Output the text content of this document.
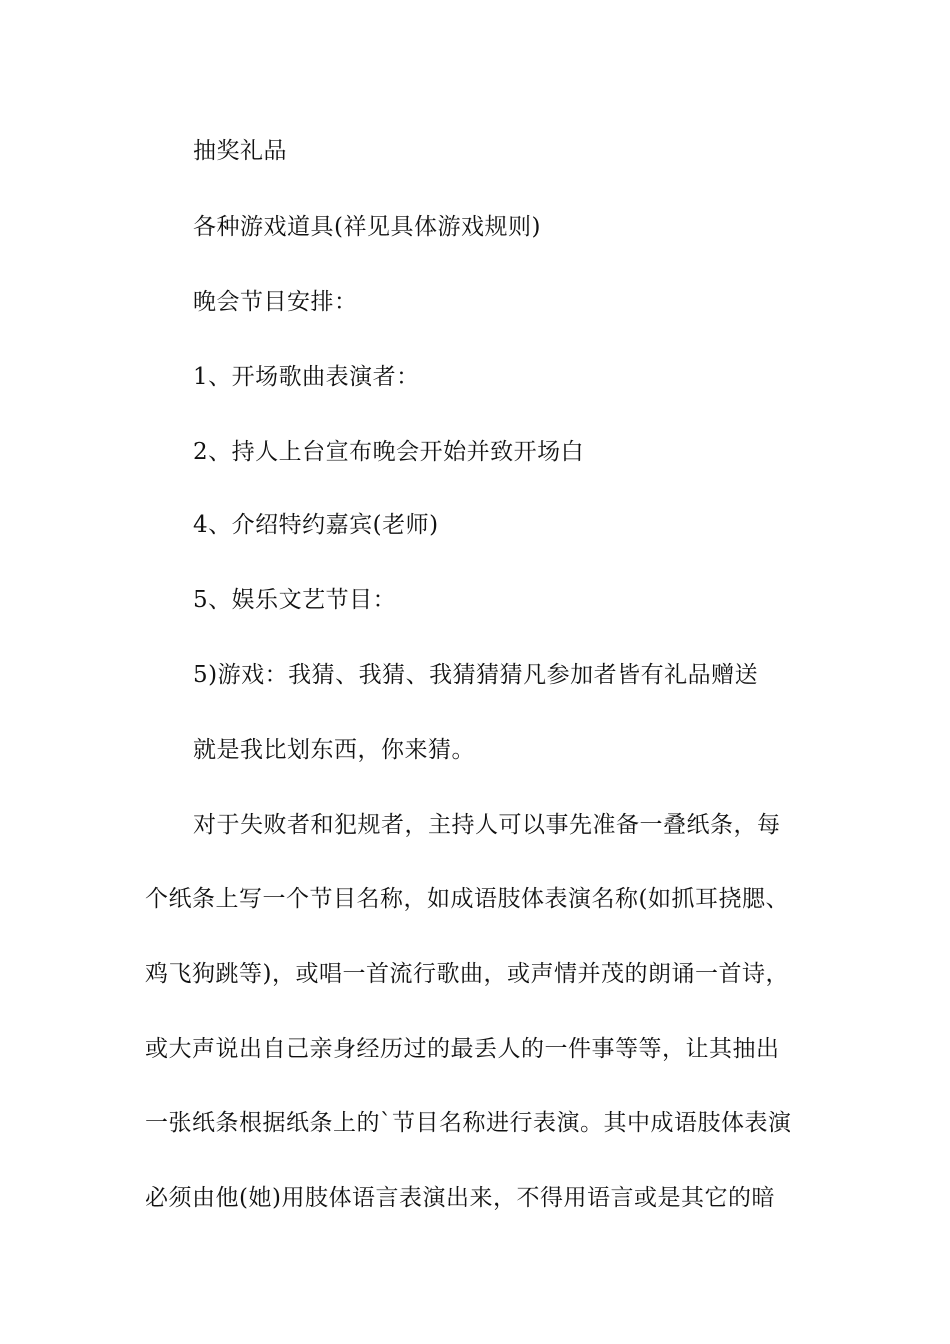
抽奖礼品
各种游戏道具(祥见具体游戏规则)
晚会节目安排：
1、开场歌曲表演者：
2、持人上台宣布晚会开始并致开场白
4、介绍特约嘉宾(老师)
5、娱乐文艺节目：
5)游戏：我猜、我猜、我猜猜猜凡参加者皆有礼品赠送
就是我比划东西，你来猜。
对于失败者和犯规者，主持人可以事先准备一叠纸条，每
个纸条上写一个节目名称，如成语肢体表演名称(如抓耳挠腮、
鸡飞狗跳等)，或唱一首流行歌曲，或声情并茂的朗诵一首诗，
或大声说出自己亲身经历过的最丢人的一件事等等，让其抽出
一张纸条根据纸条上的`节目名称进行表演。其中成语肢体表演
必须由他(她)用肢体语言表演出来，不得用语言或是其它的暗
